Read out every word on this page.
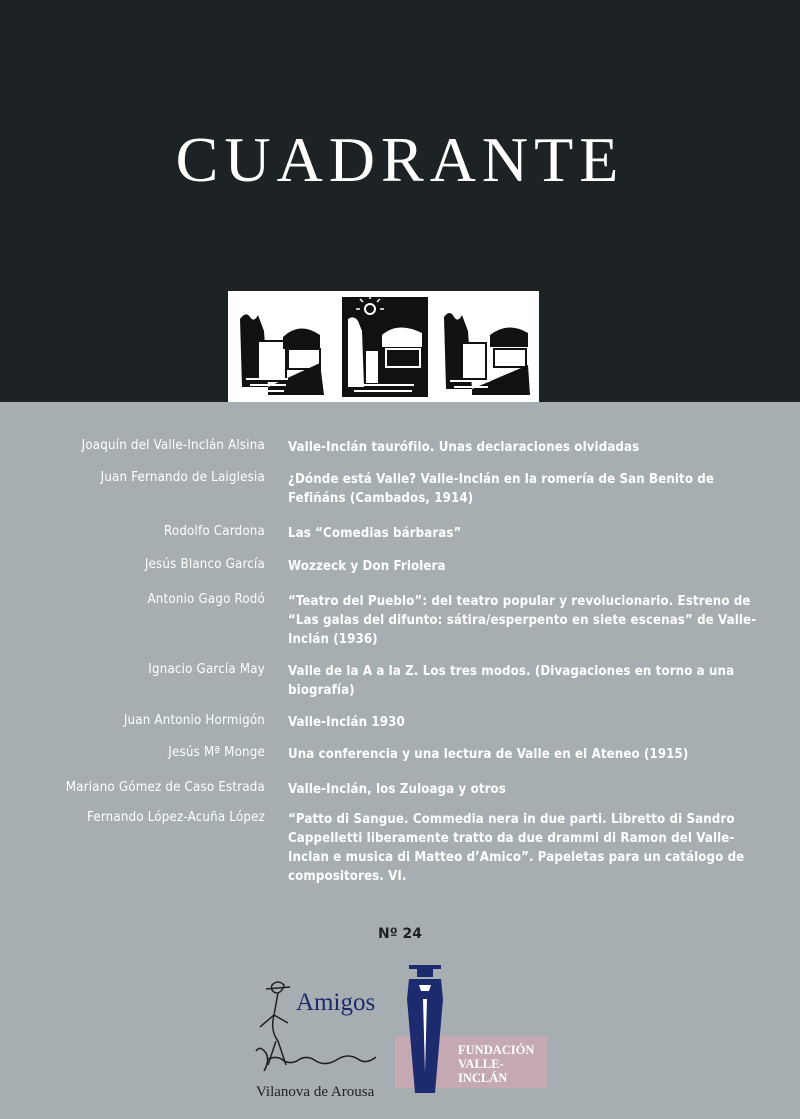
CUADRANTE
Joaquín del Valle-Inclán Alsina Valle-Inclán taurófilo. Unas declaraciones olvidadas
Juan Fernando de Laiglesia ¿Dónde está Valle? Valle-Inclán en la romería de San Benito de Fefiñáns (Cambados, 1914)
Rodolfo Cardona Las “Comedias bárbaras”
Jesús Blanco García Wozzeck y Don Friolera
Antonio Gago Rodó “Teatro del Pueblo”: del teatro popular y revolucionario. Estreno de “Las galas del difunto: sátira/esperpento en siete escenas” de Valle-Inclán (1936)
Ignacio García May Valle de la A a la Z. Los tres modos. (Divagaciones en torno a una biografía)
Juan Antonio Hormigón Valle-Inclán 1930
Jesús Mª Monge Una conferencia y una lectura de Valle en el Ateneo (1915)
Mariano Gómez de Caso Estrada Valle-Inclán, los Zuloaga y otros
Fernando López-Acuña López “Patto di Sangue. Commedia nera in due parti. Libretto di Sandro Cappelletti liberamente tratto da due drammi di Ramon del Valle-Inclan e musica di Matteo d’Amico”. Papeletas para un catálogo de compositores. VI.
Nº 24
Amigos
Vilanova de Arousa
FUNDACIÓN
VALLE-INCLÁN
